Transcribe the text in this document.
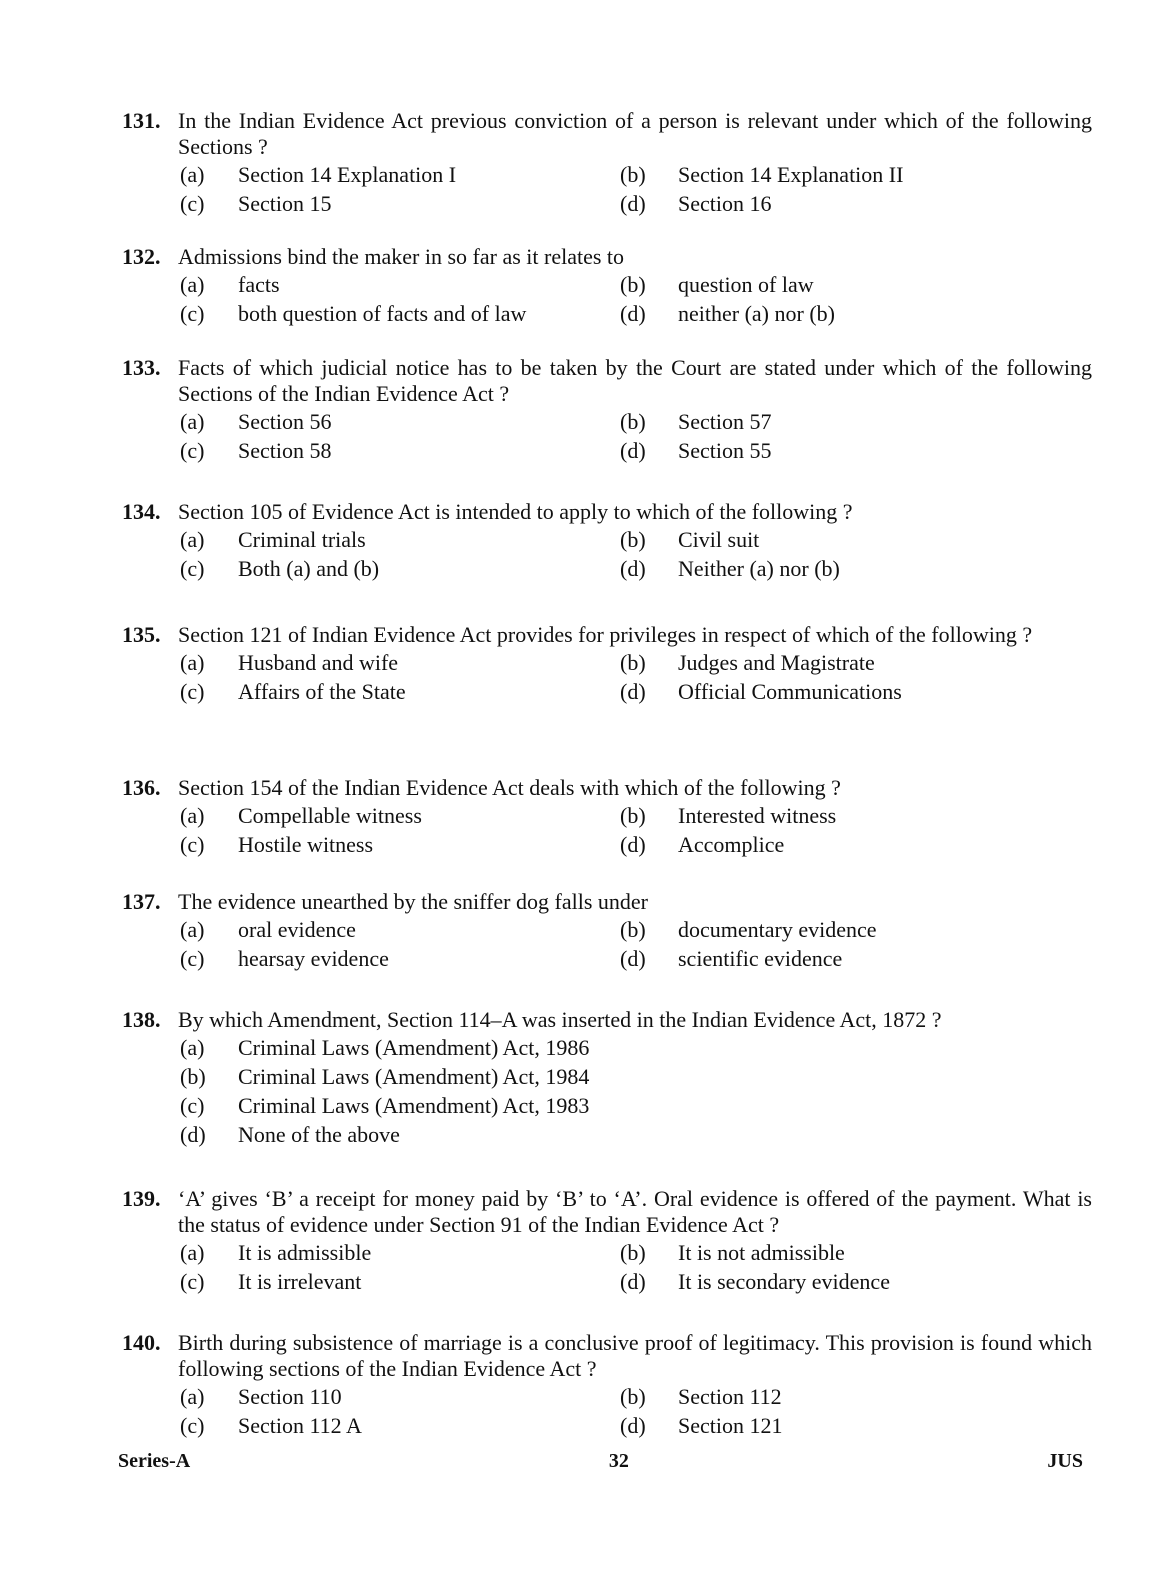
131. In the Indian Evidence Act previous conviction of a person is relevant under which of the following Sections ?
(a)	Section 14 Explanation I	(b)	Section 14 Explanation II
(c)	Section 15	(d)	Section 16
132. Admissions bind the maker in so far as it relates to
(a)	facts	(b)	question of law
(c)	both question of facts and of law	(d)	neither (a) nor (b)
133. Facts of which judicial notice has to be taken by the Court are stated under which of the following Sections of the Indian Evidence Act ?
(a)	Section 56	(b)	Section 57
(c)	Section 58	(d)	Section 55
134. Section 105 of Evidence Act is intended to apply to which of the following ?
(a)	Criminal trials	(b)	Civil suit
(c)	Both (a) and (b)	(d)	Neither (a) nor (b)
135. Section 121 of Indian Evidence Act provides for privileges in respect of which of the following ?
(a)	Husband and wife	(b)	Judges and Magistrate
(c)	Affairs of the State	(d)	Official Communications
136. Section 154 of the Indian Evidence Act deals with which of the following ?
(a)	Compellable witness	(b)	Interested witness
(c)	Hostile witness	(d)	Accomplice
137. The evidence unearthed by the sniffer dog falls under
(a)	oral evidence	(b)	documentary evidence
(c)	hearsay evidence	(d)	scientific evidence
138. By which Amendment, Section 114–A was inserted in the Indian Evidence Act, 1872 ?
(a)	Criminal Laws (Amendment) Act, 1986
(b)	Criminal Laws (Amendment) Act, 1984
(c)	Criminal Laws (Amendment) Act, 1983
(d)	None of the above
139. ‘A’ gives ‘B’ a receipt for money paid by ‘B’ to ‘A’. Oral evidence is offered of the payment. What is the status of evidence under Section 91 of the Indian Evidence Act ?
(a)	It is admissible	(b)	It is not admissible
(c)	It is irrelevant	(d)	It is secondary evidence
140. Birth during subsistence of marriage is a conclusive proof of legitimacy. This provision is found which following sections of the Indian Evidence Act ?
(a)	Section 110	(b)	Section 112
(c)	Section 112 A	(d)	Section 121
Series-A	32	JUS
